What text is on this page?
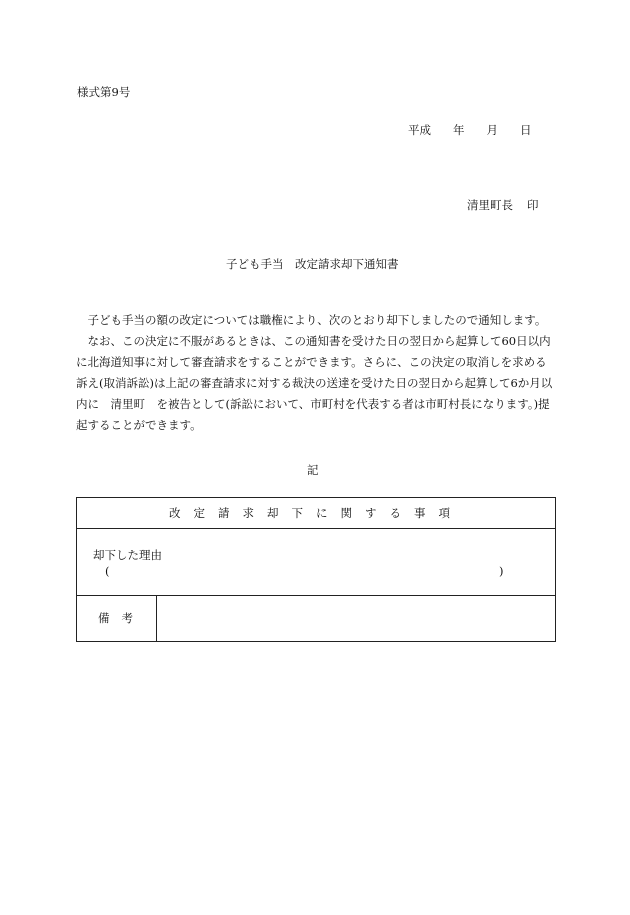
様式第9号
平成 年 月 日
清里町長 印
子ども手当　改定請求却下通知書

子ども手当の額の改定については職権により、次のとおり却下しましたので通知します。

なお、この決定に不服があるときは、この通知書を受けた日の翌日から起算して60日以内に北海道知事に対して審査請求をすることができます。さらに、この決定の取消しを求める訴え(取消訴訟)は上記の審査請求に対する裁決の送達を受けた日の翌日から起算して6か月以内に　清里町　を被告として(訴訟において、市町村を代表する者は市町村長になります。)提起することができます。

記
改定請求却下に関する事項
却下した理由
(	)
備考
